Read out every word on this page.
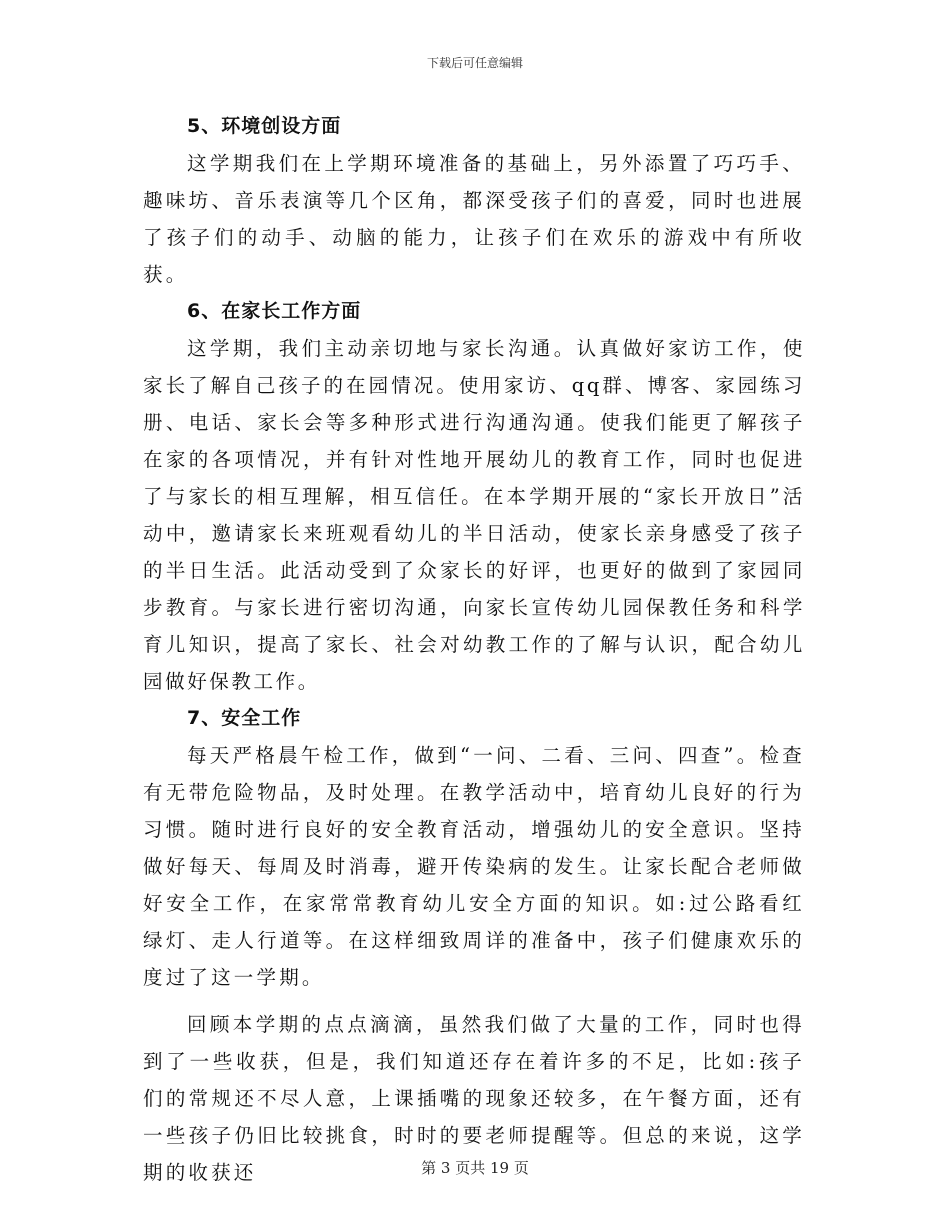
下载后可任意编辑
5、环境创设方面

这学期我们在上学期环境准备的基础上，另外添置了巧巧手、趣味坊、音乐表演等几个区角，都深受孩子们的喜爱，同时也进展了孩子们的动手、动脑的能力，让孩子们在欢乐的游戏中有所收获。

6、在家长工作方面

这学期，我们主动亲切地与家长沟通。认真做好家访工作，使家长了解自己孩子的在园情况。使用家访、qq群、博客、家园练习册、电话、家长会等多种形式进行沟通沟通。使我们能更了解孩子在家的各项情况，并有针对性地开展幼儿的教育工作，同时也促进了与家长的相互理解，相互信任。在本学期开展的“家长开放日”活动中，邀请家长来班观看幼儿的半日活动，使家长亲身感受了孩子的半日生活。此活动受到了众家长的好评，也更好的做到了家园同步教育。与家长进行密切沟通，向家长宣传幼儿园保教任务和科学育儿知识，提高了家长、社会对幼教工作的了解与认识，配合幼儿园做好保教工作。

7、安全工作

每天严格晨午检工作，做到“一问、二看、三问、四查”。检查有无带危险物品，及时处理。在教学活动中，培育幼儿良好的行为习惯。随时进行良好的安全教育活动，增强幼儿的安全意识。坚持做好每天、每周及时消毒，避开传染病的发生。让家长配合老师做好安全工作，在家常常教育幼儿安全方面的知识。如:过公路看红绿灯、走人行道等。在这样细致周详的准备中，孩子们健康欢乐的度过了这一学期。

回顾本学期的点点滴滴，虽然我们做了大量的工作，同时也得到了一些收获，但是，我们知道还存在着许多的不足，比如:孩子们的常规还不尽人意，上课插嘴的现象还较多，在午餐方面，还有一些孩子仍旧比较挑食，时时的要老师提醒等。但总的来说，这学期的收获还	第 3 页共 19 页
